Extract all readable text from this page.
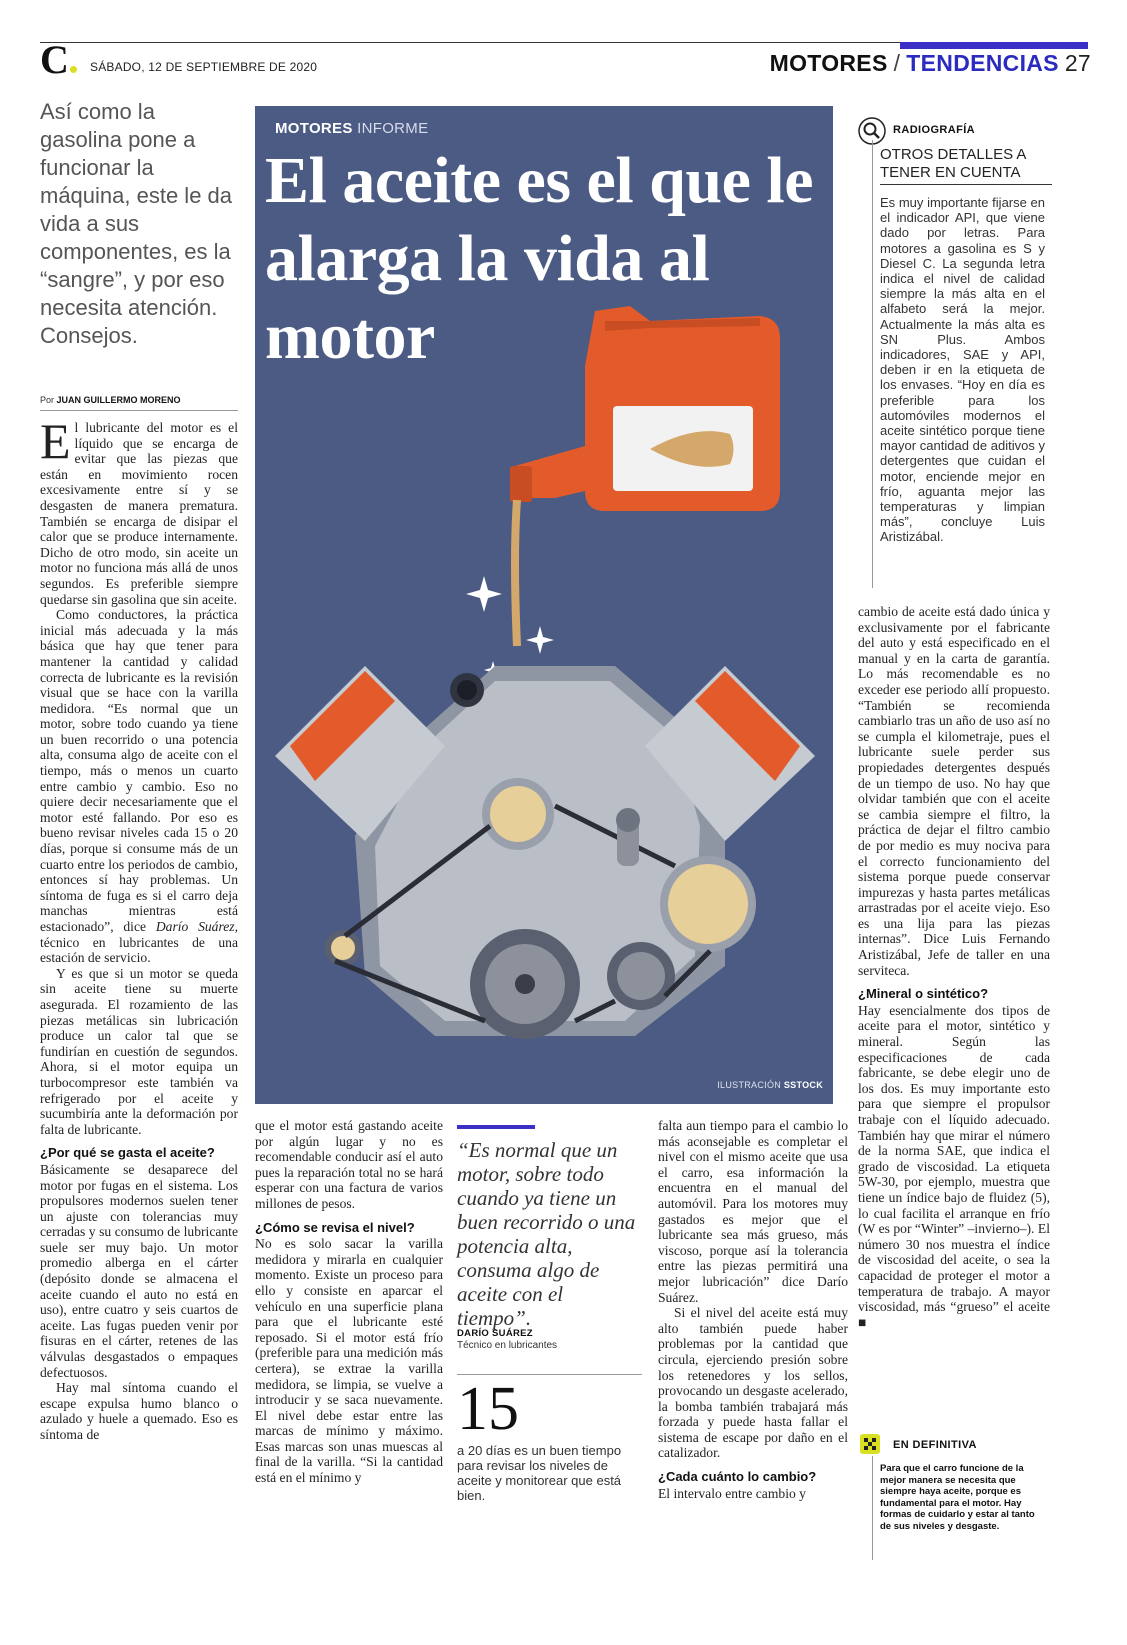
C	SÁBADO, 12 DE SEPTIEMBRE DE 2020	MOTORES / TENDENCIAS 27
Así como la gasolina pone a funcionar la máquina, este le da vida a sus componentes, es la “sangre”, y por eso necesita atención. Consejos.
Por JUAN GUILLERMO MORENO

El lubricante del motor es el líquido que se encarga de evitar que las piezas que están en movimiento rocen excesivamente entre sí y se desgasten de manera prematura. También se encarga de disipar el calor que se produce internamente. Dicho de otro modo, sin aceite un motor no funciona más allá de unos segundos. Es preferible siempre quedarse sin gasolina que sin aceite.

Como conductores, la práctica inicial más adecuada y la más básica que hay que tener para mantener la cantidad y calidad correcta de lubricante es la revisión visual que se hace con la varilla medidora. “Es normal que un motor, sobre todo cuando ya tiene un buen recorrido o una potencia alta, consuma algo de aceite con el tiempo, más o menos un cuarto entre cambio y cambio. Eso no quiere decir necesariamente que el motor esté fallando. Por eso es bueno revisar niveles cada 15 o 20 días, porque si consume más de un cuarto entre los periodos de cambio, entonces sí hay problemas. Un síntoma de fuga es si el carro deja manchas mientras está estacionado”, dice Darío Suárez, técnico en lubricantes de una estación de servicio.

Y es que si un motor se queda sin aceite tiene su muerte asegurada. El rozamiento de las piezas metálicas sin lubricación produce un calor tal que se fundirían en cuestión de segundos. Ahora, si el motor equipa un turbocompresor este también va refrigerado por el aceite y sucumbiría ante la deformación por falta de lubricante.

¿Por qué se gasta el aceite?

Básicamente se desaparece del motor por fugas en el sistema. Los propulsores modernos suelen tener un ajuste con tolerancias muy cerradas y su consumo de lubricante suele ser muy bajo. Un motor promedio alberga en el cárter (depósito donde se almacena el aceite cuando el auto no está en uso), entre cuatro y seis cuartos de aceite. Las fugas pueden venir por fisuras en el cárter, retenes de las válvulas desgastados o empaques defectuosos.

Hay mal síntoma cuando el escape expulsa humo blanco o azulado y huele a quemado. Eso es síntoma de

MOTORES INFORME
El aceite es el que le alarga la vida al motor
ILUSTRACIÓN SSTOCK

que el motor está gastando aceite por algún lugar y no es recomendable conducir así el auto pues la reparación total no se hará esperar con una factura de varios millones de pesos.

¿Cómo se revisa el nivel?

No es solo sacar la varilla medidora y mirarla en cualquier momento. Existe un proceso para ello y consiste en aparcar el vehículo en una superficie plana para que el lubricante esté reposado. Si el motor está frío (preferible para una medición más certera), se extrae la varilla medidora, se limpia, se vuelve a introducir y se saca nuevamente. El nivel debe estar entre las marcas de mínimo y máximo. Esas marcas son unas muescas al final de la varilla. “Si la cantidad está en el mínimo y

“Es normal que un motor, sobre todo cuando ya tiene un buen recorrido o una potencia alta, consuma algo de aceite con el tiempo”.
DARÍO SUÁREZ
Técnico en lubricantes
15
a 20 días es un buen tiempo para revisar los niveles de aceite y monitorear que está bien.

falta aun tiempo para el cambio lo más aconsejable es completar el nivel con el mismo aceite que usa el carro, esa información la encuentra en el manual del automóvil. Para los motores muy gastados es mejor que el lubricante sea más grueso, más viscoso, porque así la tolerancia entre las piezas permitirá una mejor lubricación” dice Darío Suárez.

Si el nivel del aceite está muy alto también puede haber problemas por la cantidad que circula, ejerciendo presión sobre los retenedores y los sellos, provocando un desgaste acelerado, la bomba también trabajará más forzada y puede hasta fallar el sistema de escape por daño en el catalizador.

¿Cada cuánto lo cambio?

El intervalo entre cambio y

RADIOGRAFÍA
OTROS DETALLES A TENER EN CUENTA
Es muy importante fijarse en el indicador API, que viene dado por letras. Para motores a gasolina es S y Diesel C. La segunda letra indica el nivel de calidad siempre la más alta en el alfabeto será la mejor. Actualmente la más alta es SN Plus. Ambos indicadores, SAE y API, deben ir en la etiqueta de los envases. “Hoy en día es preferible para los automóviles modernos el aceite sintético porque tiene mayor cantidad de aditivos y detergentes que cuidan el motor, enciende mejor en frío, aguanta mejor las temperaturas y limpian más”, concluye Luis Aristizábal.

cambio de aceite está dado única y exclusivamente por el fabricante del auto y está especificado en el manual y en la carta de garantía. Lo más recomendable es no exceder ese periodo allí propuesto. “También se recomienda cambiarlo tras un año de uso así no se cumpla el kilometraje, pues el lubricante suele perder sus propiedades detergentes después de un tiempo de uso. No hay que olvidar también que con el aceite se cambia siempre el filtro, la práctica de dejar el filtro cambio de por medio es muy nociva para el correcto funcionamiento del sistema porque puede conservar impurezas y hasta partes metálicas arrastradas por el aceite viejo. Eso es una lija para las piezas internas”. Dice Luis Fernando Aristizábal, Jefe de taller en una serviteca.

¿Mineral o sintético?

Hay esencialmente dos tipos de aceite para el motor, sintético y mineral. Según las especificaciones de cada fabricante, se debe elegir uno de los dos. Es muy importante esto para que siempre el propulsor trabaje con el líquido adecuado. También hay que mirar el número de la norma SAE, que indica el grado de viscosidad. La etiqueta 5W-30, por ejemplo, muestra que tiene un índice bajo de fluidez (5), lo cual facilita el arranque en frío (W es por “Winter” –invierno–). El número 30 nos muestra el índice de viscosidad del aceite, o sea la capacidad de proteger el motor a temperatura de trabajo. A mayor viscosidad, más “grueso” el aceite ■

EN DEFINITIVA
Para que el carro funcione de la mejor manera se necesita que siempre haya aceite, porque es fundamental para el motor. Hay formas de cuidarlo y estar al tanto de sus niveles y desgaste.
